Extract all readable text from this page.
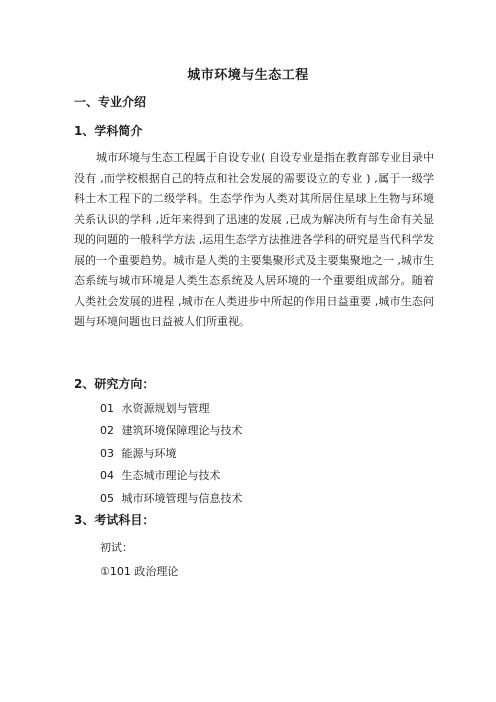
城市环境与生态工程
一、专业介绍
1、学科简介
城市环境与生态工程属于自设专业( 自设专业是指在教育部专业目录中没有 ,而学校根据自己的特点和社会发展的需要设立的专业 ) ,属于一级学科土木工程下的二级学科。生态学作为人类对其所居住星球上生物与环境关系认识的学科 ,近年来得到了迅速的发展 ,已成为解决所有与生命有关显现的问题的一般科学方法 ,运用生态学方法推进各学科的研究是当代科学发展的一个重要趋势。城市是人类的主要集聚形式及主要集聚地之一 ,城市生态系统与城市环境是人类生态系统及人居环境的一个重要组成部分。随着人类社会发展的进程 ,城市在人类进步中所起的作用日益重要 ,城市生态问题与环境问题也日益被人们所重视。
2、研究方向：
01 水资源规划与管理
02 建筑环境保障理论与技术
03 能源与环境
04 生态城市理论与技术
05 城市环境管理与信息技术
3、考试科目：
初试：
①101 政治理论
